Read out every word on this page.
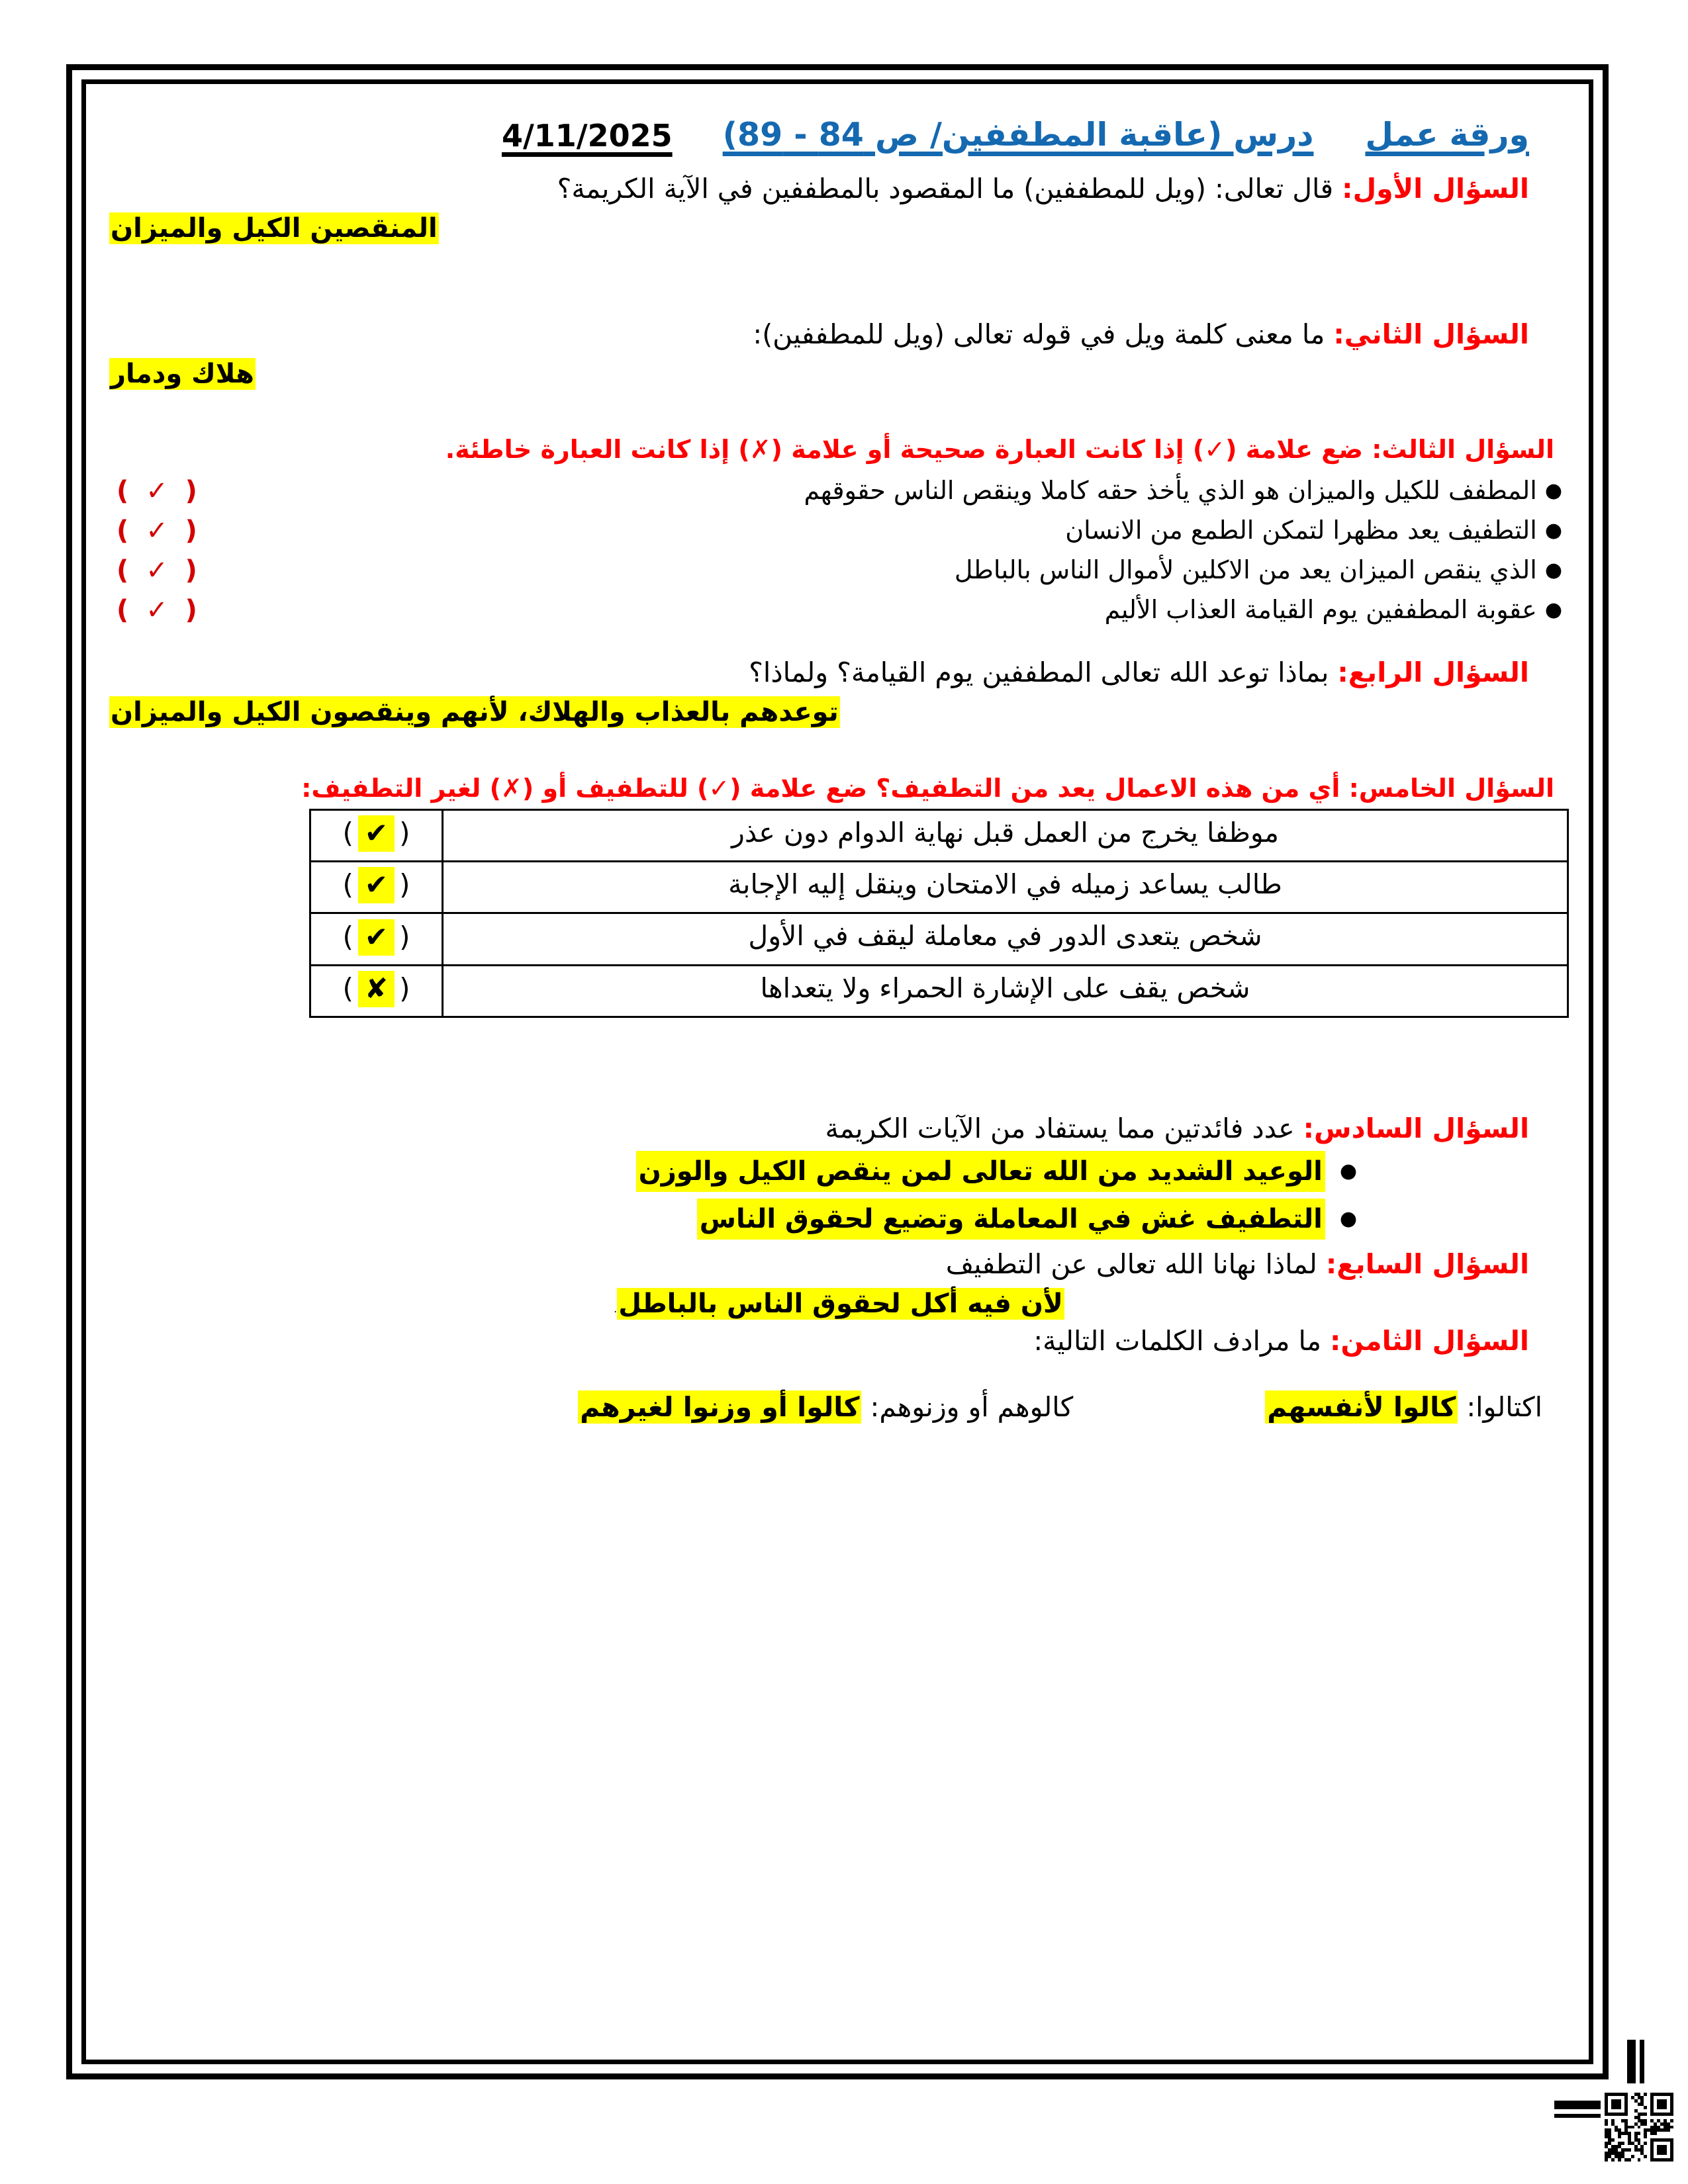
ورقة عمل
درس (عاقبة المطففين/ ص 84 - 89)
4/11/2025
السؤال الأول: قال تعالى: (ويل للمطففين) ما المقصود بالمطففين في الآية الكريمة؟
المنقصين الكيل والميزان
السؤال الثاني: ما معنى كلمة ويل في قوله تعالى (ويل للمطففين):
هلاك ودمار
السؤال الثالث: ضع علامة (✓) إذا كانت العبارة صحيحة أو علامة (✗) إذا كانت العبارة خاطئة.
●
المطفف للكيل والميزان هو الذي يأخذ حقه كاملا وينقص الناس حقوقهم
( ✓ )
●
التطفيف يعد مظهرا لتمكن الطمع من الانسان
( ✓ )
●
الذي ينقص الميزان يعد من الاكلين لأموال الناس بالباطل
( ✓ )
●
عقوبة المطففين يوم القيامة العذاب الأليم
( ✓ )
السؤال الرابع: بماذا توعد الله تعالى المطففين يوم القيامة؟ ولماذا؟
توعدهم بالعذاب والهلاك، لأنهم وينقصون الكيل والميزان
السؤال الخامس: أي من هذه الاعمال يعد من التطفيف؟ ضع علامة (✓) للتطفيف أو (✗) لغير التطفيف:
موظفا يخرج من العمل قبل نهاية الدوام دون عذر	( ✔ )
طالب يساعد زميله في الامتحان وينقل إليه الإجابة	( ✔ )
شخص يتعدى الدور في معاملة ليقف في الأول	( ✔ )
شخص يقف على الإشارة الحمراء ولا يتعداها	( ✘ )
السؤال السادس: عدد فائدتين مما يستفاد من الآيات الكريمة
●
الوعيد الشديد من الله تعالى لمن ينقص الكيل والوزن
●
التطفيف غش في المعاملة وتضيع لحقوق الناس
السؤال السابع: لماذا نهانا الله تعالى عن التطفيف
لأن فيه أكل لحقوق الناس بالباطل.
السؤال الثامن: ما مرادف الكلمات التالية:
اكتالوا: كالوا لأنفسهم
كالوهم أو وزنوهم: كالوا أو وزنوا لغيرهم
